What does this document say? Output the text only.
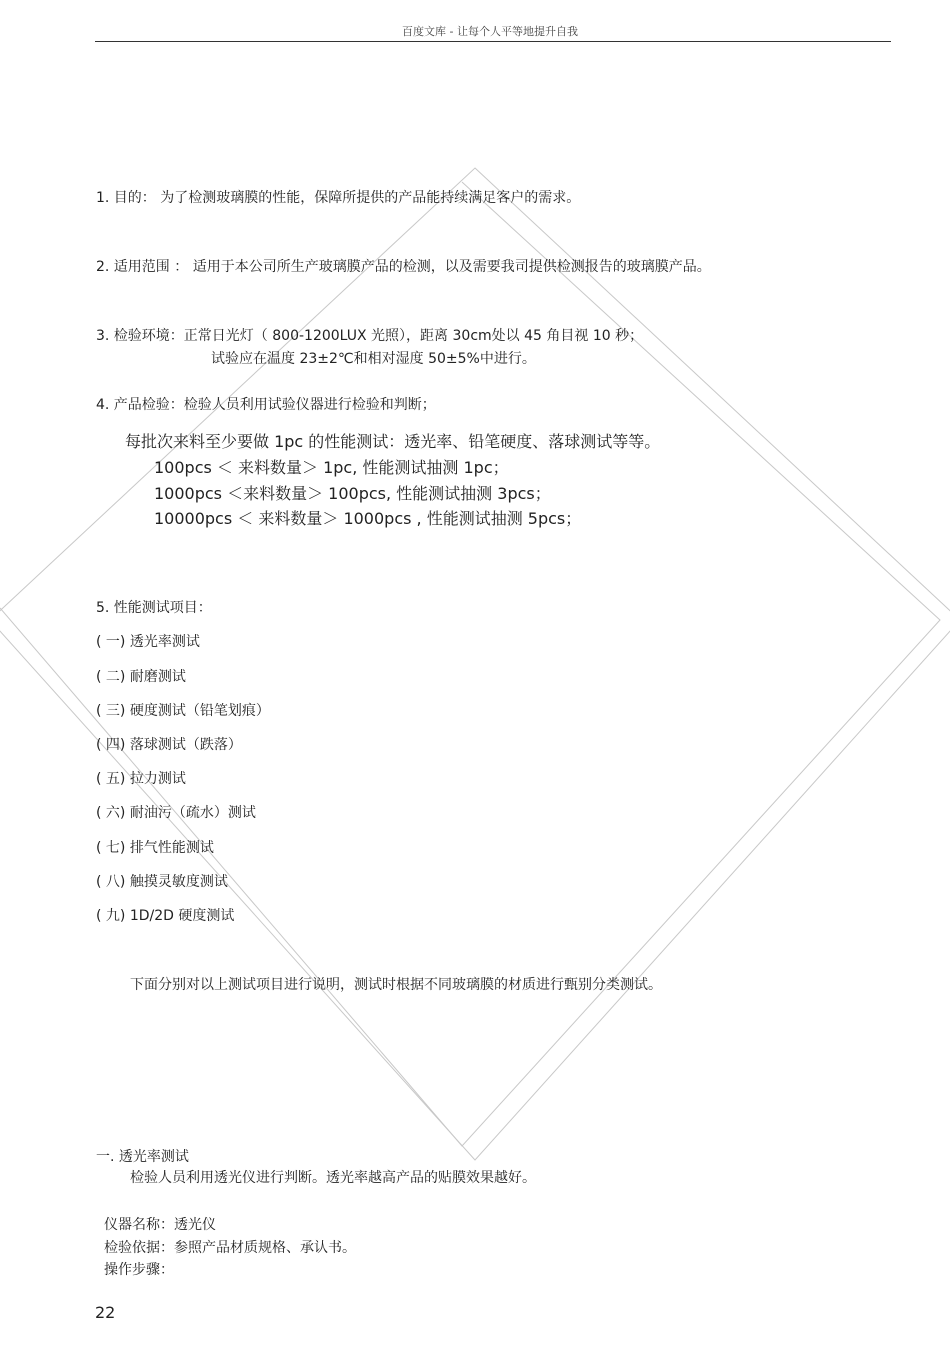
百度文库 - 让每个人平等地提升自我
1. 目的： 为了检测玻璃膜的性能，保障所提供的产品能持续满足客户的需求。
2. 适用范围 ： 适用于本公司所生产玻璃膜产品的检测，以及需要我司提供检测报告的玻璃膜产品。
3. 检验环境：正常日光灯（ 800-1200LUX 光照），距离 30cm处以 45 角目视 10 秒；
试验应在温度 23±2℃和相对湿度 50±5%中进行。
4. 产品检验：检验人员利用试验仪器进行检验和判断；
每批次来料至少要做 1pc 的性能测试：透光率、铅笔硬度、落球测试等等。
100pcs ＜ 来料数量＞ 1pc, 性能测试抽测 1pc；
1000pcs ＜来料数量＞ 100pcs, 性能测试抽测 3pcs；
10000pcs ＜ 来料数量＞ 1000pcs , 性能测试抽测 5pcs；
5. 性能测试项目：
( 一) 透光率测试
( 二) 耐磨测试
( 三) 硬度测试（铅笔划痕）
( 四) 落球测试（跌落）
( 五) 拉力测试
( 六) 耐油污（疏水）测试
( 七) 排气性能测试
( 八) 触摸灵敏度测试
( 九) 1D/2D 硬度测试
下面分别对以上测试项目进行说明，测试时根据不同玻璃膜的材质进行甄别分类测试。
一. 透光率测试
检验人员利用透光仪进行判断。透光率越高产品的贴膜效果越好。
仪器名称：透光仪
检验依据：参照产品材质规格、承认书。
操作步骤：
22
